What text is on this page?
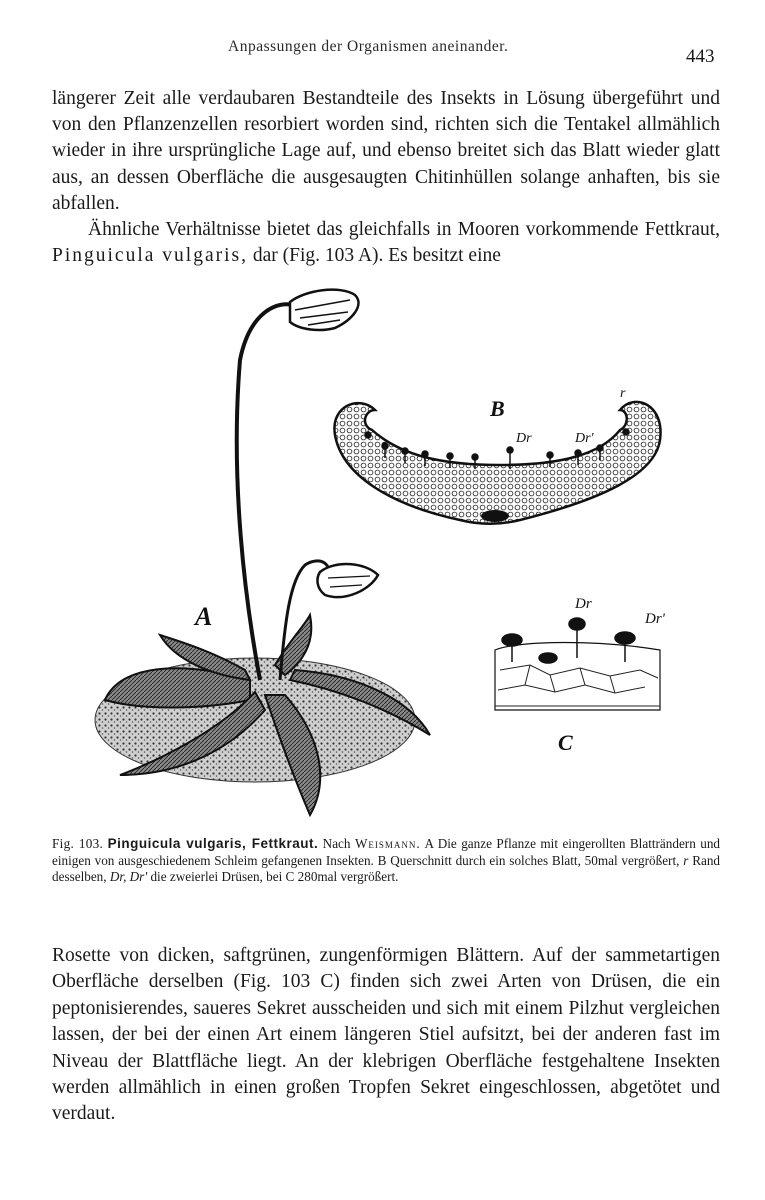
Anpassungen der Organismen aneinander.	443

längerer Zeit alle verdaubaren Bestandteile des Insekts in Lösung übergeführt und von den Pflanzenzellen resorbiert worden sind, richten sich die Tentakel allmählich wieder in ihre ursprüngliche Lage auf, und ebenso breitet sich das Blatt wieder glatt aus, an dessen Oberfläche die ausgesaugten Chitinhüllen solange anhaften, bis sie abfallen.

Ähnliche Verhältnisse bietet das gleichfalls in Mooren vorkommende Fettkraut, Pinguicula vulgaris, dar (Fig. 103 A). Es besitzt eine

A
B
Dr	Dr'
r
Dr
Dr'
C
Fig. 103. Pinguicula vulgaris, Fettkraut. Nach Weismann. A Die ganze Pflanze mit eingerollten Blatträndern und einigen von ausgeschiedenem Schleim gefangenen Insekten. B Querschnitt durch ein solches Blatt, 50mal vergrößert, r Rand desselben, Dr, Dr' die zweierlei Drüsen, bei C 280mal vergrößert.

Rosette von dicken, saftgrünen, zungenförmigen Blättern. Auf der sammetartigen Oberfläche derselben (Fig. 103 C) finden sich zwei Arten von Drüsen, die ein peptonisierendes, saueres Sekret ausscheiden und sich mit einem Pilzhut vergleichen lassen, der bei der einen Art einem längeren Stiel aufsitzt, bei der anderen fast im Niveau der Blattfläche liegt. An der klebrigen Oberfläche festgehaltene Insekten werden allmählich in einen großen Tropfen Sekret eingeschlossen, abgetötet und verdaut.
